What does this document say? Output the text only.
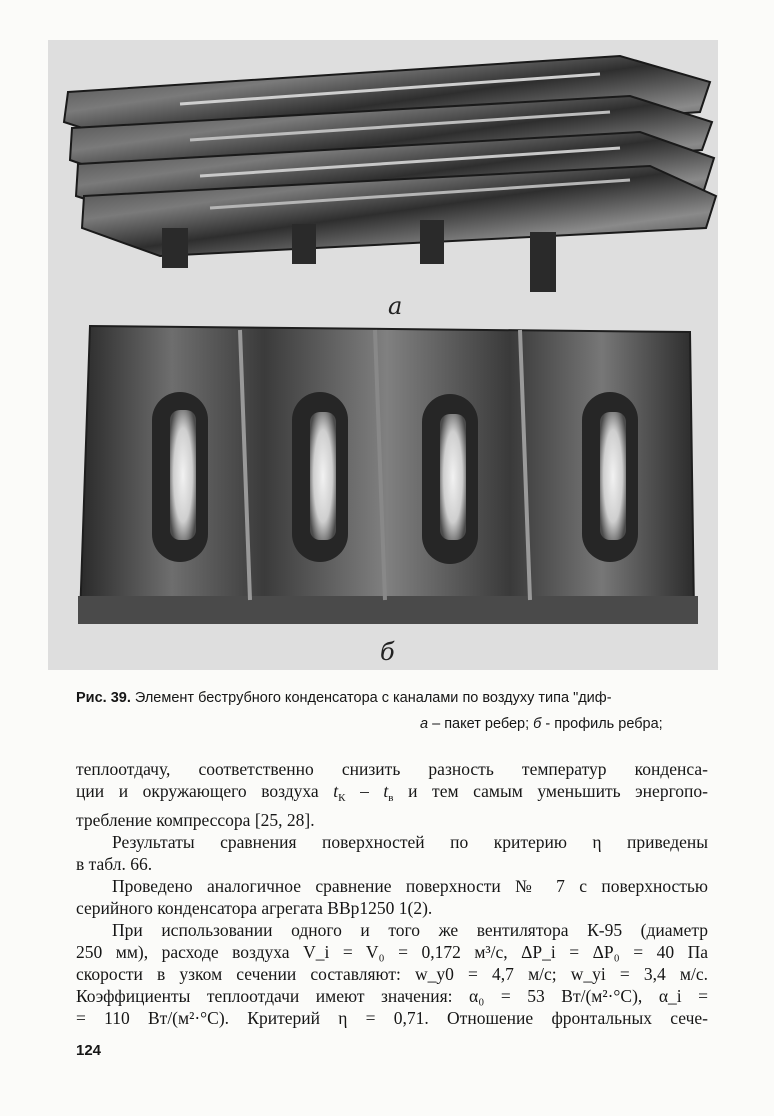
a
б
Рис. 39. Элемент беструбного конденсатора с каналами по воздуху типа "диф-
a – пакет ребер; б - профиль ребра;

теплоотдачу, соответственно снизить разность температур конденса-

ции и окружающего воздуха $t_К - t_в$ и тем самым уменьшить энергопо-

требление компрессора [25, 28].

Результаты сравнения поверхностей по критерию η приведены

в табл. 66.

Проведено аналогичное сравнение поверхности № 7 с поверхностью

серийного конденсатора агрегата ВВр1250 1(2).

При использовании одного и того же вентилятора К-95 (диаметр

250 мм), расходе воздуха V_i = V₀ = 0,172 м³/с, ΔP_i = ΔP₀ = 40 Па

скорости в узком сечении составляют: w_y0 = 4,7 м/с; w_yi = 3,4 м/с.

Коэффициенты теплоотдачи имеют значения: α₀ = 53 Вт/(м²·°С), α_i =

= 110 Вт/(м²·°С). Критерий η = 0,71. Отношение фронтальных сече-

124
